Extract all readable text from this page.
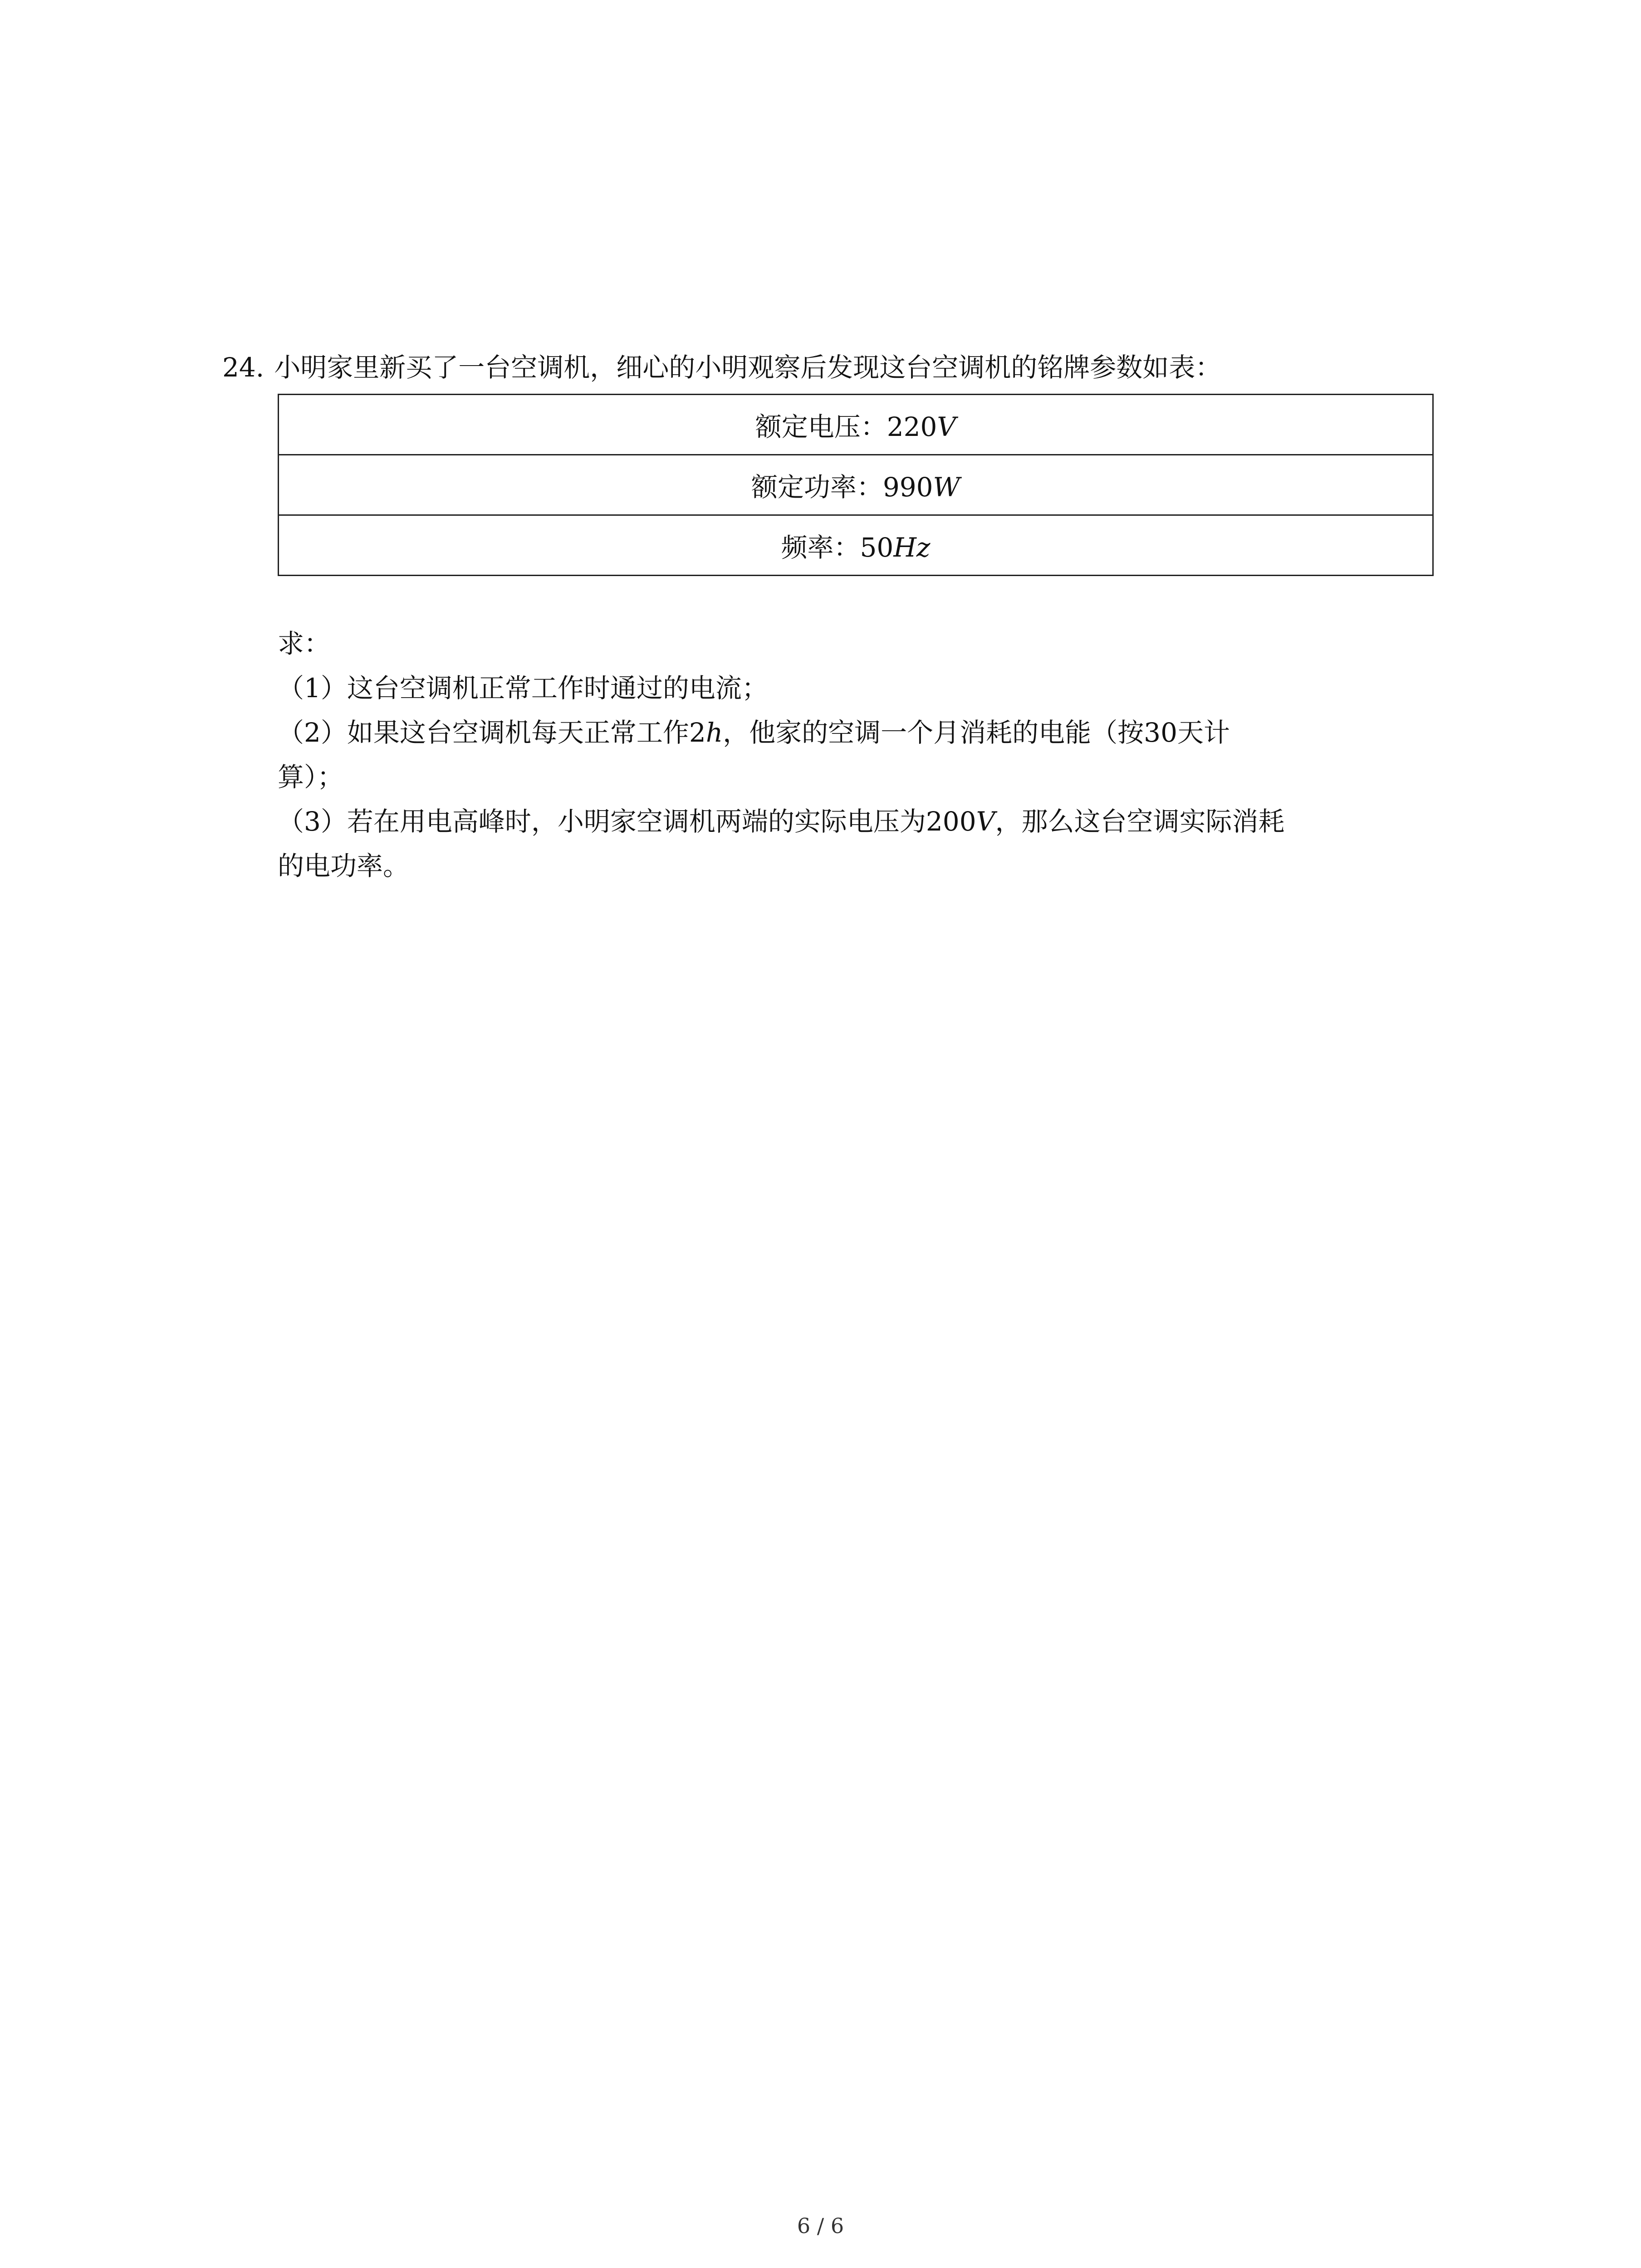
24. 小明家里新买了一台空调机，细心的小明观察后发现这台空调机的铭牌参数如表：
额定电压：220V
额定功率：990W
频率：50Hz

求：

（1）这台空调机正常工作时通过的电流；

（2）如果这台空调机每天正常工作2h，他家的空调一个月消耗的电能（按30天计

算）；

（3）若在用电高峰时，小明家空调机两端的实际电压为200V，那么这台空调实际消耗

的电功率。

6 / 6
